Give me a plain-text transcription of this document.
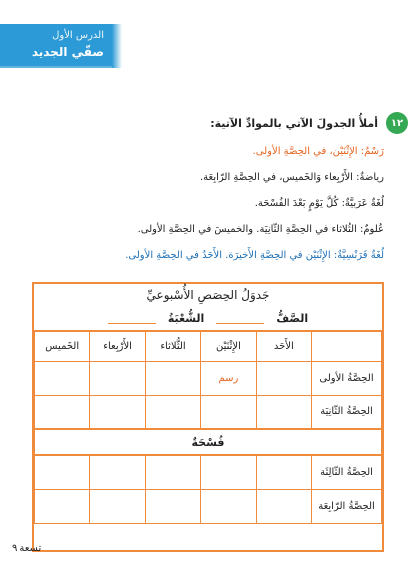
الدرس الأول
صفّي الجديد
١٢
أملأُ الجدولَ الآتي بالموادِّ الآتية:
رَسْمٌ: الإِثْنَيْن، في الحِصَّةِ الأولى.
رياضةٌ: الأَرْبِعاء وَالخَميس، في الحِصَّةِ الرّابِعَة.
لُغَةٌ عَرَبيَّةٌ: كُلَّ يَوْمٍ بَعْدَ الفُسْحَة.
عُلومٌ: الثُلاثاء في الحِصَّةِ الثّانِيَة. والخميسَ في الحِصَّةِ الأولى.
لُغَةٌ فَرَنْسِيَّةٌ: الإِثْنَيْن في الحِصَّةِ الأَخيرَة. الأَحَدُ في الحِصَّةِ الأولى.
جَدوَلُ الحِصَصِ الأُسْبوعيِّ
الصَّفُّ
الشُّعْبَةُ
	الأَحَد	الإِثْنَيْن	الثُّلاثاء	الأَرْبِعاء	الخَميس
الحِصَّةُ الأولى		رسم			
الحِصَّةُ الثّانِيَة					
فُسْحَةٌ					
الحِصَّةُ الثّالِثَة					
الحِصَّةُ الرّابِعَة					
تسعة
٩
